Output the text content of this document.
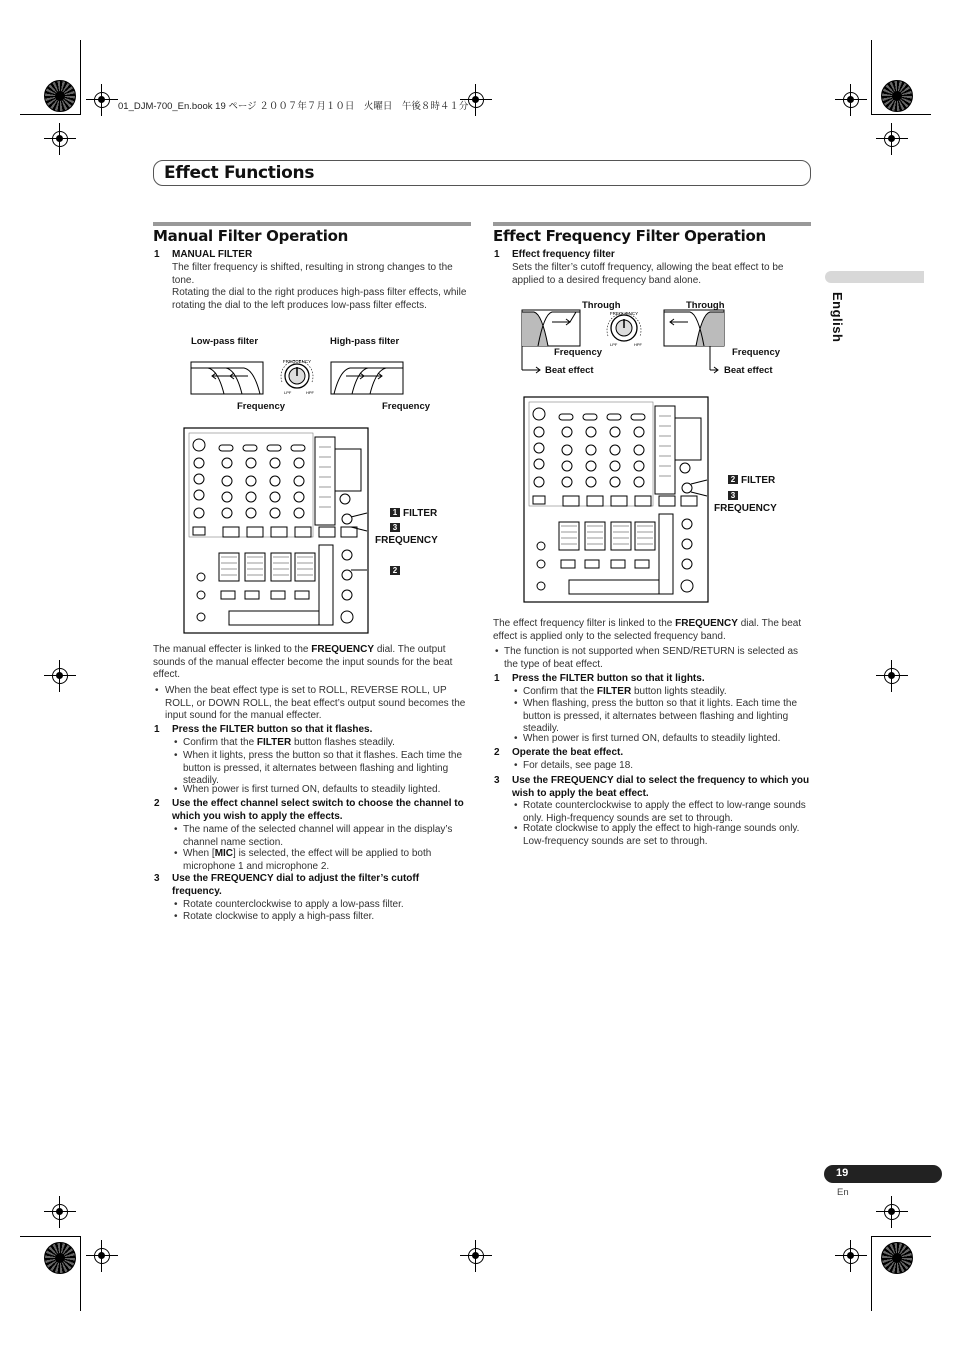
01_DJM-700_En.book 19 ページ ２００７年７月１０日　火曜日　午後８時４１分
Effect Functions
English
Manual Filter Operation
1 MANUAL FILTER
The filter frequency is shifted, resulting in strong changes to the tone.
Rotating the dial to the right produces high-pass filter effects, while rotating the dial to the left produces low-pass filter effects.
Low-pass filter	High-pass filter
FREQUENCY
LPF	HPF
Frequency	Frequency
1 FILTER
3
FREQUENCY
2
The manual effecter is linked to the FREQUENCY dial. The output sounds of the manual effecter become the input sounds for the beat effect.
• When the beat effect type is set to ROLL, REVERSE ROLL, UP ROLL, or DOWN ROLL, the beat effect’s output sound becomes the input sound for the manual effecter.
1 Press the FILTER button so that it flashes.
• Confirm that the FILTER button flashes steadily.
• When it lights, press the button so that it flashes. Each time the button is pressed, it alternates between flashing and lighting steadily.
• When power is first turned ON, defaults to steadily lighted.
2 Use the effect channel select switch to choose the channel to which you wish to apply the effects.
• The name of the selected channel will appear in the display’s channel name section.
• When [MIC] is selected, the effect will be applied to both microphone 1 and microphone 2.
3 Use the FREQUENCY dial to adjust the filter’s cutoff frequency.
• Rotate counterclockwise to apply a low-pass filter.
• Rotate clockwise to apply a high-pass filter.
Effect Frequency Filter Operation
1 Effect frequency filter
Sets the filter’s cutoff frequency, allowing the beat effect to be applied to a desired frequency band alone.
FREQUENCY
LPF	HPF
Through	Through
Frequency	Frequency
Beat effect	Beat effect
2 FILTER
3
FREQUENCY
The effect frequency filter is linked to the FREQUENCY dial. The beat effect is applied only to the selected frequency band.
• The function is not supported when SEND/RETURN is selected as the type of beat effect.
1 Press the FILTER button so that it lights.
• Confirm that the FILTER button lights steadily.
• When flashing, press the button so that it lights. Each time the button is pressed, it alternates between flashing and lighting steadily.
• When power is first turned ON, defaults to steadily lighted.
2 Operate the beat effect.
• For details, see page 18.
3 Use the FREQUENCY dial to select the frequency to which you wish to apply the beat effect.
• Rotate counterclockwise to apply the effect to low-range sounds only. High-frequency sounds are set to through.
• Rotate clockwise to apply the effect to high-range sounds only. Low-frequency sounds are set to through.
19
En
